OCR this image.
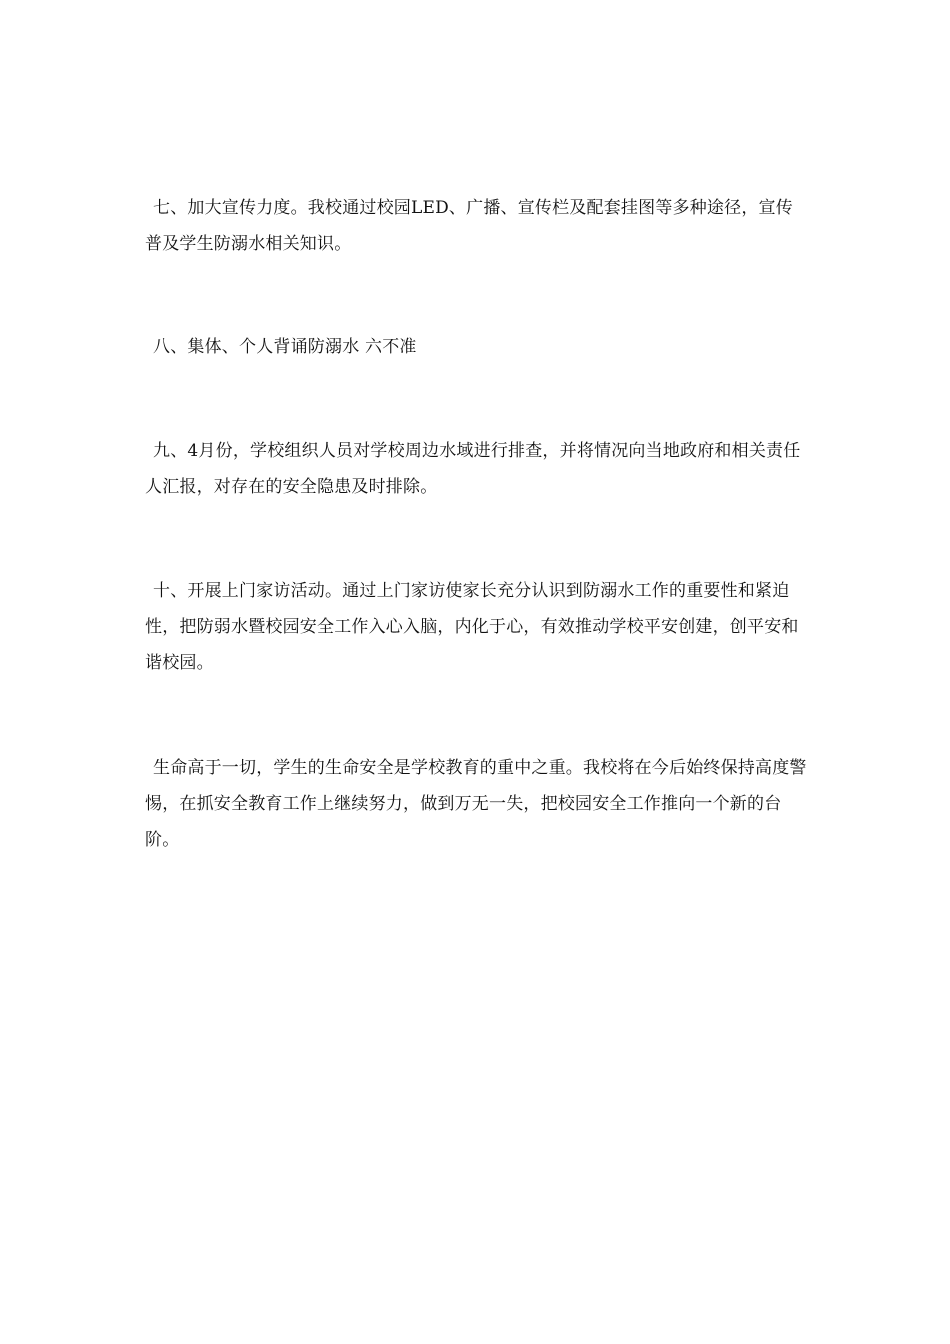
七、加大宣传力度。我校通过校园LED、广播、宣传栏及配套挂图等多种途径，宣传普及学生防溺水相关知识。

八、集体、个人背诵防溺水 六不准

九、4月份，学校组织人员对学校周边水域进行排查，并将情况向当地政府和相关责任人汇报，对存在的安全隐患及时排除。

十、开展上门家访活动。通过上门家访使家长充分认识到防溺水工作的重要性和紧迫性，把防弱水暨校园安全工作入心入脑，内化于心，有效推动学校平安创建，创平安和谐校园。

生命高于一切，学生的生命安全是学校教育的重中之重。我校将在今后始终保持高度警惕，在抓安全教育工作上继续努力，做到万无一失，把校园安全工作推向一个新的台阶。
